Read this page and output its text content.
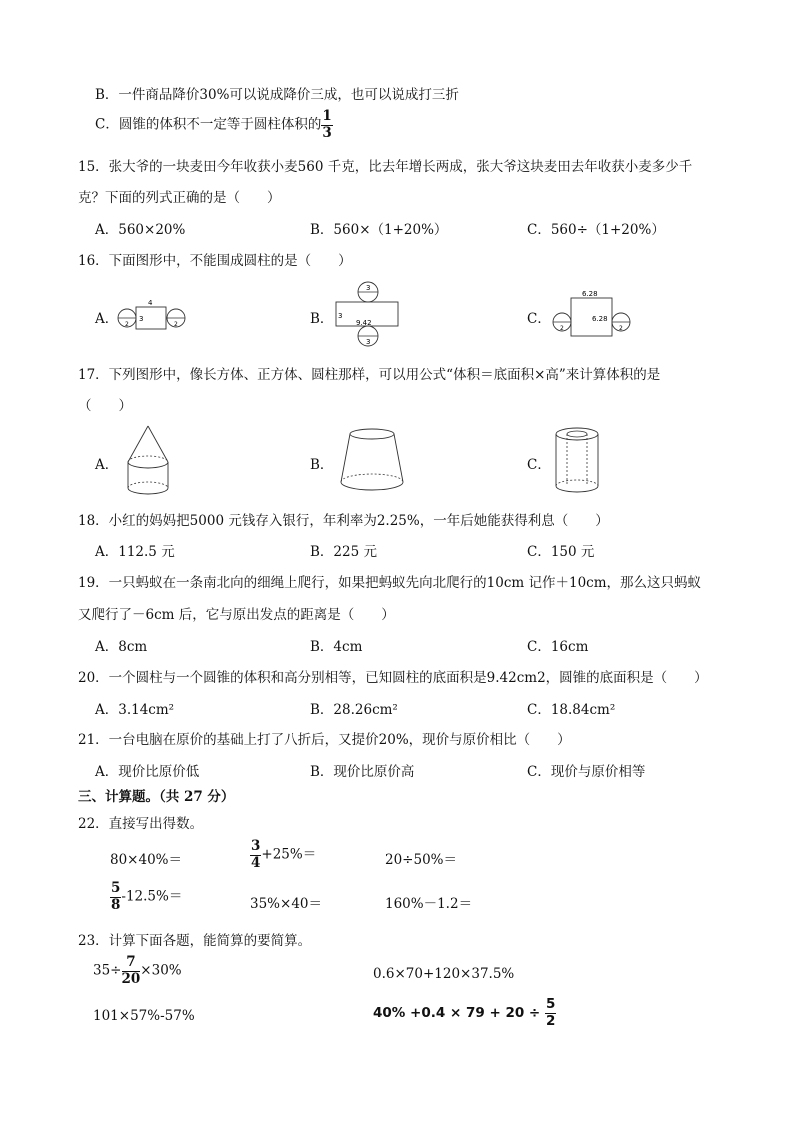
B．一件商品降价30%可以说成降价三成，也可以说成打三折
C．圆锥的体积不一定等于圆柱体积的 $\frac{1}{3}$
15．张大爷的一块麦田今年收获小麦560 千克，比去年增长两成，张大爷这块麦田去年收获小麦多少千
克？下面的列式正确的是（　　）
A．560×20%	B．560×（1+20%）	C．560÷（1+20%）
16．下面图形中，不能围成圆柱的是（　　）
A．	B．	C．
4
3
2	2
3
3
9.42
3
6.28
6.28
2	2
17．下列图形中，像长方体、正方体、圆柱那样，可以用公式“体积＝底面积×高”来计算体积的是
（　　）
A．	B．	C．
18．小红的妈妈把5000 元钱存入银行，年利率为2.25%，一年后她能获得利息（　　）
A．112.5 元	B．225 元	C．150 元
19．一只蚂蚁在一条南北向的细绳上爬行，如果把蚂蚁先向北爬行的10cm 记作＋10cm，那么这只蚂蚁
又爬行了－6cm 后，它与原出发点的距离是（　　）
A．8cm	B．4cm	C．16cm
20．一个圆柱与一个圆锥的体积和高分别相等，已知圆柱的底面积是9.42cm2，圆锥的底面积是（　　）
A．3.14cm²	B．28.26cm²	C．18.84cm²
21．一台电脑在原价的基础上打了八折后，又提价20%，现价与原价相比（　　）
A．现价比原价低	B．现价比原价高	C．现价与原价相等
三、计算题。（共 27 分）
22．直接写出得数。
80×40%＝	$\frac{3}{4} +25\%=$	20÷50%＝
$\frac{5}{8} -12.5\%=$	35%×40＝	160%－1.2＝
23．计算下面各题，能简算的要简算。
$35\div \frac{7}{20} \times 30\%$	0.6×70+120×37.5%
101×57%-57%	$40\% +0.4 \times 79 + 20 \div \frac{5}{2}$
